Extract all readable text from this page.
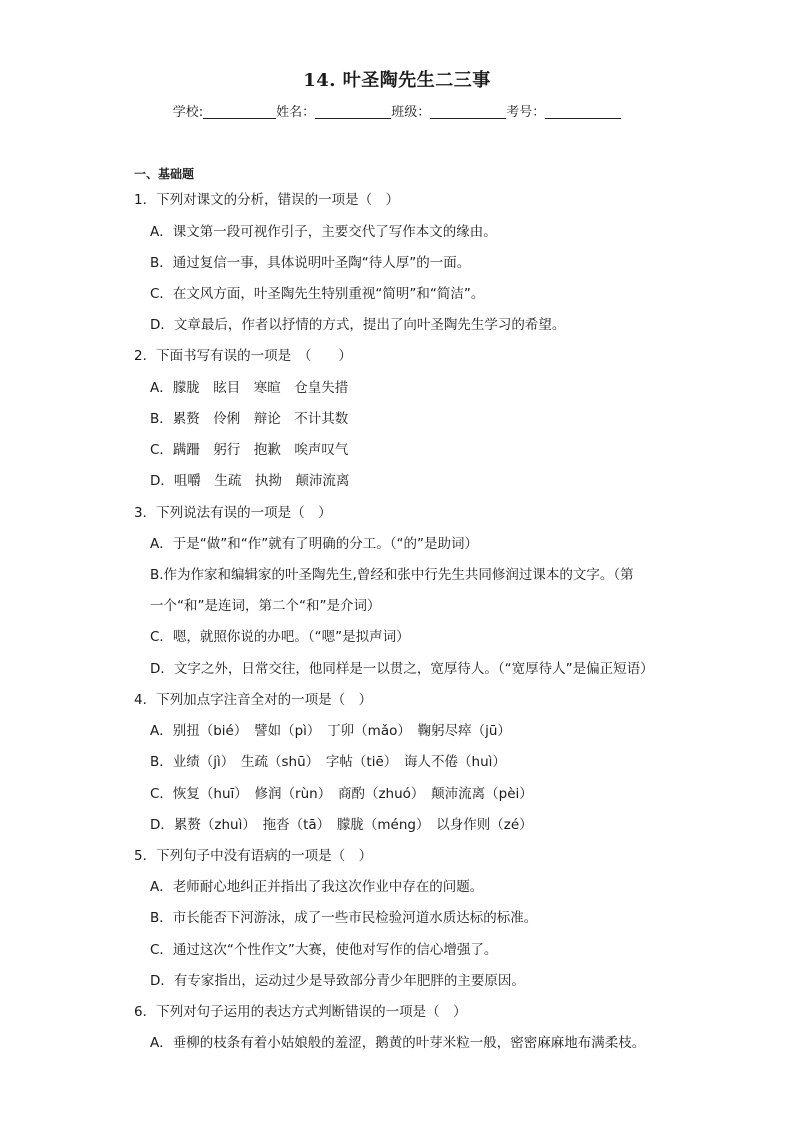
14. 叶圣陶先生二三事
学校:	姓名：	班级：	考号：
一、基础题
1．下列对课文的分析，错误的一项是（　）
A．课文第一段可视作引子，主要交代了写作本文的缘由。
B．通过复信一事，具体说明叶圣陶“待人厚”的一面。
C．在文风方面，叶圣陶先生特别重视“简明”和“简洁”。
D．文章最后，作者以抒情的方式，提出了向叶圣陶先生学习的希望。
2．下面书写有误的一项是　（　　）
A．朦胧　眩目　寒暄　仓皇失措
B．累赘　伶俐　辩论　不计其数
C．蹒跚　躬行　抱歉　唉声叹气
D．咀嚼　生疏　执拗　颠沛流离
3．下列说法有误的一项是（　）
A．于是“做”和“作”就有了明确的分工。（“的”是助词）
B.作为作家和编辑家的叶圣陶先生,曾经和张中行先生共同修润过课本的文字。（第
一个“和”是连词，第二个“和”是介词）
C．嗯，就照你说的办吧。（“嗯”是拟声词）
D．文字之外，日常交往，他同样是一以贯之，宽厚待人。（“宽厚待人”是偏正短语）
4．下列加点字注音全对的一项是（　）
A．别扭（bié）　譬如（pì）　丁卯（mǎo）　鞠躬尽瘁（jū）
B．业绩（jì）　生疏（shū）　字帖（tiē）　诲人不倦（huì）
C．恢复（huī）　修润（rùn）　商酌（zhuó）　颠沛流离（pèi）
D．累赘（zhuì）　拖沓（tā）　朦胧（méng）　以身作则（zé）
5．下列句子中没有语病的一项是（　）
A．老师耐心地纠正并指出了我这次作业中存在的问题。
B．市长能否下河游泳，成了一些市民检验河道水质达标的标准。
C．通过这次“个性作文”大赛，使他对写作的信心增强了。
D．有专家指出，运动过少是导致部分青少年肥胖的主要原因。
6．下列对句子运用的表达方式判断错误的一项是（　）
A．垂柳的枝条有着小姑娘般的羞涩，鹅黄的叶芽米粒一般，密密麻麻地布满柔枝。
